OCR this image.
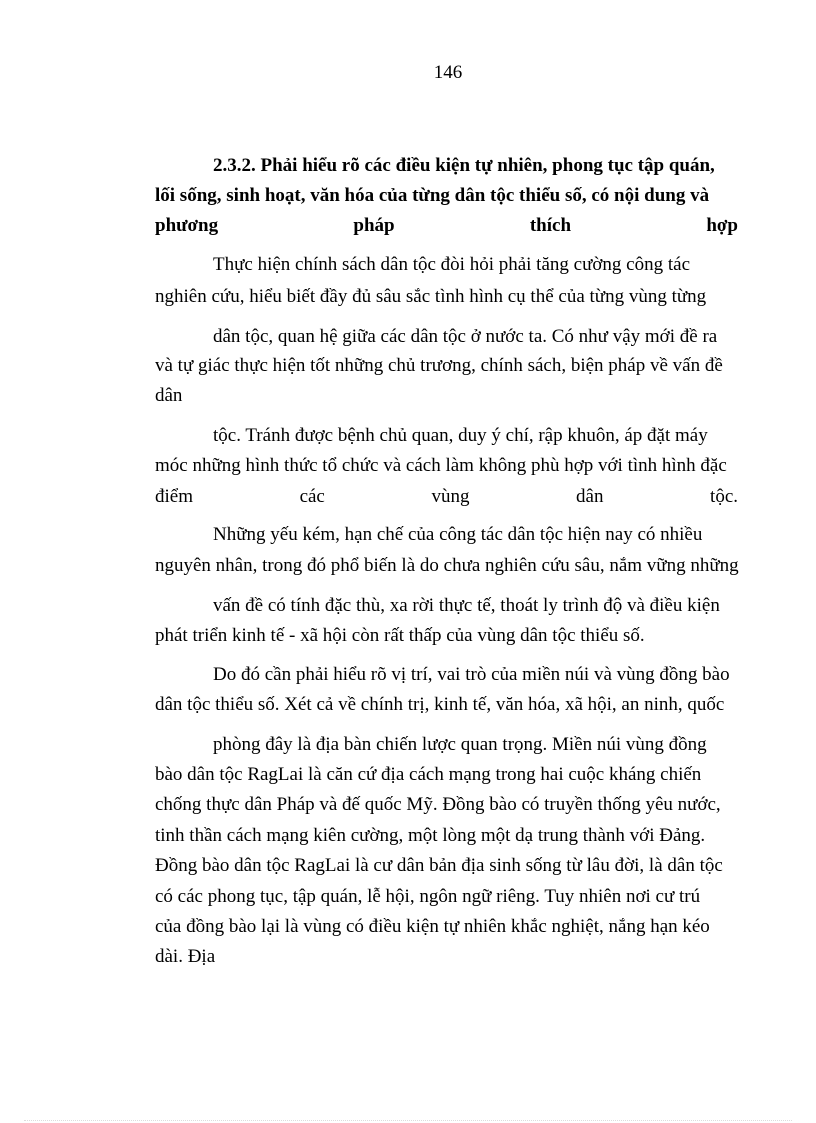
146
2.3.2. Phải hiểu rõ các điều kiện tự nhiên, phong tục tập quán,
lối sống, sinh hoạt, văn hóa của từng dân tộc thiểu số, có nội dung và
phương	pháp	thích	hợp
Thực hiện chính sách dân tộc đòi hỏi phải tăng cường công tác
nghiên cứu, hiểu biết đầy đủ sâu sắc tình hình cụ thể của từng vùng từng
dân tộc, quan hệ giữa các dân tộc ở nước ta. Có như vậy mới đề ra
và tự giác thực hiện tốt những chủ trương, chính sách, biện pháp về vấn đề
dân
tộc. Tránh được bệnh chủ quan, duy ý chí, rập khuôn, áp đặt máy
móc những hình thức tổ chức và cách làm không phù hợp với tình hình đặc
điểm các vùng dân tộc.
Những yếu kém, hạn chế của công tác dân tộc hiện nay có nhiều
nguyên nhân, trong đó phổ biến là do chưa nghiên cứu sâu, nắm vững những
vấn đề có tính đặc thù, xa rời thực tế, thoát ly trình độ và điều kiện
phát triển kinh tế - xã hội còn rất thấp của vùng dân tộc thiểu số.
Do đó cần phải hiểu rõ vị trí, vai trò của miền núi và vùng đồng bào
dân tộc thiểu số. Xét cả về chính trị, kinh tế, văn hóa, xã hội, an ninh, quốc
phòng đây là địa bàn chiến lược quan trọng. Miền núi vùng đồng
bào dân tộc RagLai là căn cứ địa cách mạng trong hai cuộc kháng chiến
chống thực dân Pháp và đế quốc Mỹ. Đồng bào có truyền thống yêu nước,
tinh thần cách mạng kiên cường, một lòng một dạ trung thành với Đảng.
Đồng bào dân tộc RagLai là cư dân bản địa sinh sống từ lâu đời, là dân tộc
có các phong tục, tập quán, lễ hội, ngôn ngữ riêng. Tuy nhiên nơi cư trú
của đồng bào lại là vùng có điều kiện tự nhiên khắc nghiệt, nắng hạn kéo
dài. Địa
